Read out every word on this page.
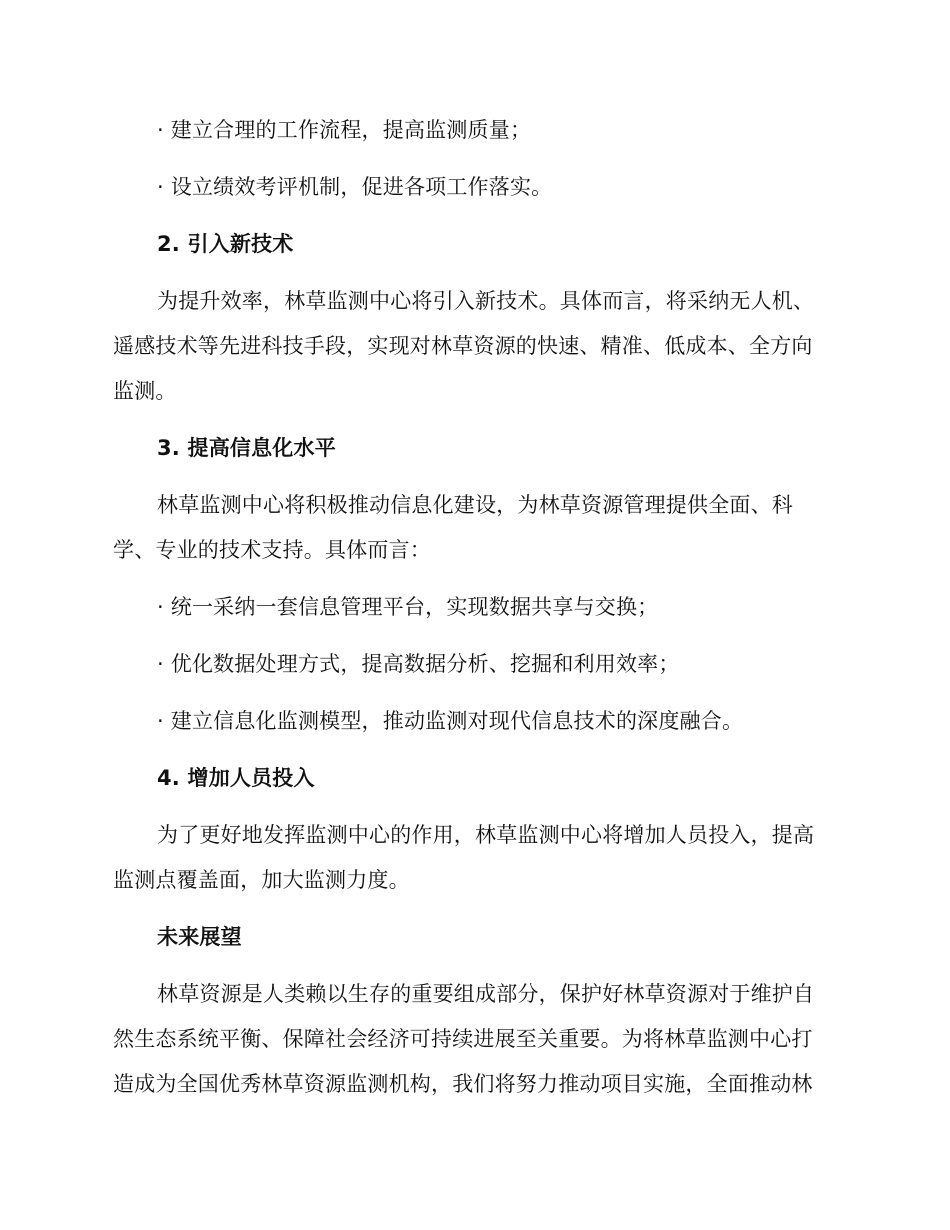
· 建立合理的工作流程，提高监测质量；
· 设立绩效考评机制，促进各项工作落实。
2. 引入新技术
为提升效率，林草监测中心将引入新技术。具体而言，将采纳无人机、
遥感技术等先进科技手段，实现对林草资源的快速、精准、低成本、全方向
监测。
3. 提高信息化水平
林草监测中心将积极推动信息化建设，为林草资源管理提供全面、科
学、专业的技术支持。具体而言：
· 统一采纳一套信息管理平台，实现数据共享与交换；
· 优化数据处理方式，提高数据分析、挖掘和利用效率；
· 建立信息化监测模型，推动监测对现代信息技术的深度融合。
4. 增加人员投入
为了更好地发挥监测中心的作用，林草监测中心将增加人员投入，提高
监测点覆盖面，加大监测力度。
未来展望
林草资源是人类赖以生存的重要组成部分，保护好林草资源对于维护自
然生态系统平衡、保障社会经济可持续进展至关重要。为将林草监测中心打
造成为全国优秀林草资源监测机构，我们将努力推动项目实施，全面推动林
